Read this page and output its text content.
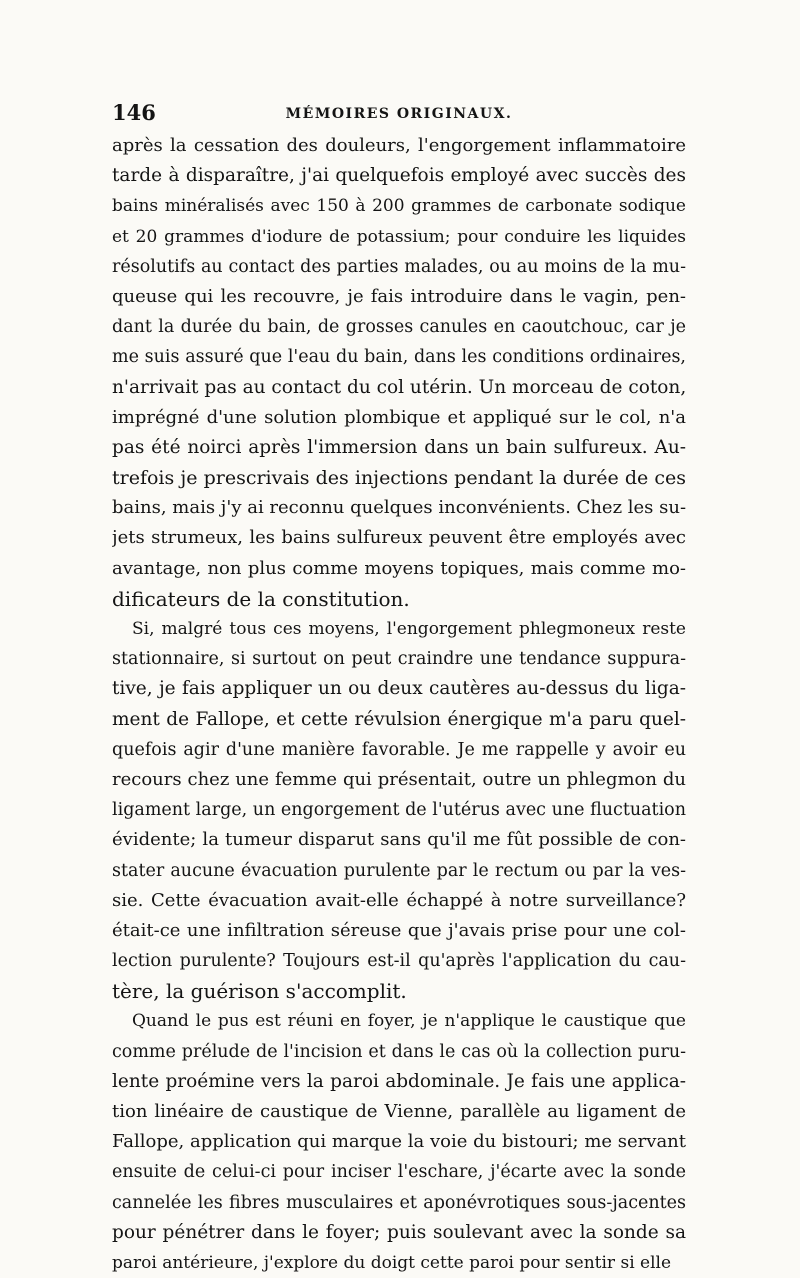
146	MÉMOIRES ORIGINAUX.
après la cessation des douleurs, l'engorgement inflammatoire
tarde à disparaître, j'ai quelquefois employé avec succès des
bains minéralisés avec 150 à 200 grammes de carbonate sodique
et 20 grammes d'iodure de potassium; pour conduire les liquides
résolutifs au contact des parties malades, ou au moins de la mu-
queuse qui les recouvre, je fais introduire dans le vagin, pen-
dant la durée du bain, de grosses canules en caoutchouc, car je
me suis assuré que l'eau du bain, dans les conditions ordinaires,
n'arrivait pas au contact du col utérin. Un morceau de coton,
imprégné d'une solution plombique et appliqué sur le col, n'a
pas été noirci après l'immersion dans un bain sulfureux. Au-
trefois je prescrivais des injections pendant la durée de ces
bains, mais j'y ai reconnu quelques inconvénients. Chez les su-
jets strumeux, les bains sulfureux peuvent être employés avec
avantage, non plus comme moyens topiques, mais comme mo-
dificateurs de la constitution.
Si, malgré tous ces moyens, l'engorgement phlegmoneux reste
stationnaire, si surtout on peut craindre une tendance suppura-
tive, je fais appliquer un ou deux cautères au-dessus du liga-
ment de Fallope, et cette révulsion énergique m'a paru quel-
quefois agir d'une manière favorable. Je me rappelle y avoir eu
recours chez une femme qui présentait, outre un phlegmon du
ligament large, un engorgement de l'utérus avec une fluctuation
évidente; la tumeur disparut sans qu'il me fût possible de con-
stater aucune évacuation purulente par le rectum ou par la ves-
sie. Cette évacuation avait-elle échappé à notre surveillance?
était-ce une infiltration séreuse que j'avais prise pour une col-
lection purulente? Toujours est-il qu'après l'application du cau-
tère, la guérison s'accomplit.
Quand le pus est réuni en foyer, je n'applique le caustique que
comme prélude de l'incision et dans le cas où la collection puru-
lente proémine vers la paroi abdominale. Je fais une applica-
tion linéaire de caustique de Vienne, parallèle au ligament de
Fallope, application qui marque la voie du bistouri; me servant
ensuite de celui-ci pour inciser l'eschare, j'écarte avec la sonde
cannelée les fibres musculaires et aponévrotiques sous-jacentes
pour pénétrer dans le foyer; puis soulevant avec la sonde sa
paroi antérieure, j'explore du doigt cette paroi pour sentir si elle
